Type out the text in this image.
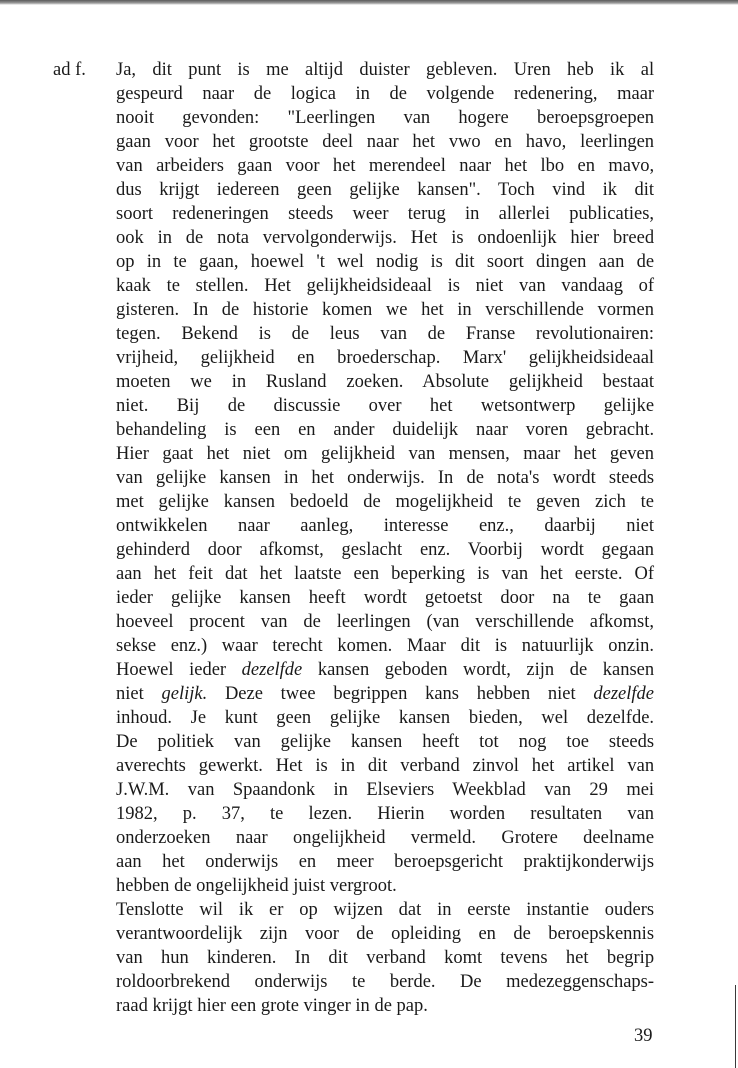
ad f. Ja, dit punt is me altijd duister gebleven. Uren heb ik al
gespeurd naar de logica in de volgende redenering, maar
nooit gevonden: "Leerlingen van hogere beroepsgroepen
gaan voor het grootste deel naar het vwo en havo, leerlingen
van arbeiders gaan voor het merendeel naar het lbo en mavo,
dus krijgt iedereen geen gelijke kansen". Toch vind ik dit
soort redeneringen steeds weer terug in allerlei publicaties,
ook in de nota vervolgonderwijs. Het is ondoenlijk hier breed
op in te gaan, hoewel 't wel nodig is dit soort dingen aan de
kaak te stellen. Het gelijkheidsideaal is niet van vandaag of
gisteren. In de historie komen we het in verschillende vormen
tegen. Bekend is de leus van de Franse revolutionairen:
vrijheid, gelijkheid en broederschap. Marx' gelijkheidsideaal
moeten we in Rusland zoeken. Absolute gelijkheid bestaat
niet. Bij de discussie over het wetsontwerp gelijke
behandeling is een en ander duidelijk naar voren gebracht.
Hier gaat het niet om gelijkheid van mensen, maar het geven
van gelijke kansen in het onderwijs. In de nota's wordt steeds
met gelijke kansen bedoeld de mogelijkheid te geven zich te
ontwikkelen naar aanleg, interesse enz., daarbij niet
gehinderd door afkomst, geslacht enz. Voorbij wordt gegaan
aan het feit dat het laatste een beperking is van het eerste. Of
ieder gelijke kansen heeft wordt getoetst door na te gaan
hoeveel procent van de leerlingen (van verschillende afkomst,
sekse enz.) waar terecht komen. Maar dit is natuurlijk onzin.
Hoewel ieder dezelfde kansen geboden wordt, zijn de kansen
niet gelijk. Deze twee begrippen kans hebben niet dezelfde
inhoud. Je kunt geen gelijke kansen bieden, wel dezelfde.
De politiek van gelijke kansen heeft tot nog toe steeds
averechts gewerkt. Het is in dit verband zinvol het artikel van
J.W.M. van Spaandonk in Elseviers Weekblad van 29 mei
1982, p. 37, te lezen. Hierin worden resultaten van
onderzoeken naar ongelijkheid vermeld. Grotere deelname
aan het onderwijs en meer beroepsgericht praktijkonderwijs
hebben de ongelijkheid juist vergroot.

Tenslotte wil ik er op wijzen dat in eerste instantie ouders
verantwoordelijk zijn voor de opleiding en de beroepskennis
van hun kinderen. In dit verband komt tevens het begrip
roldoorbrekend onderwijs te berde. De medezeggenschaps-
raad krijgt hier een grote vinger in de pap.

39
